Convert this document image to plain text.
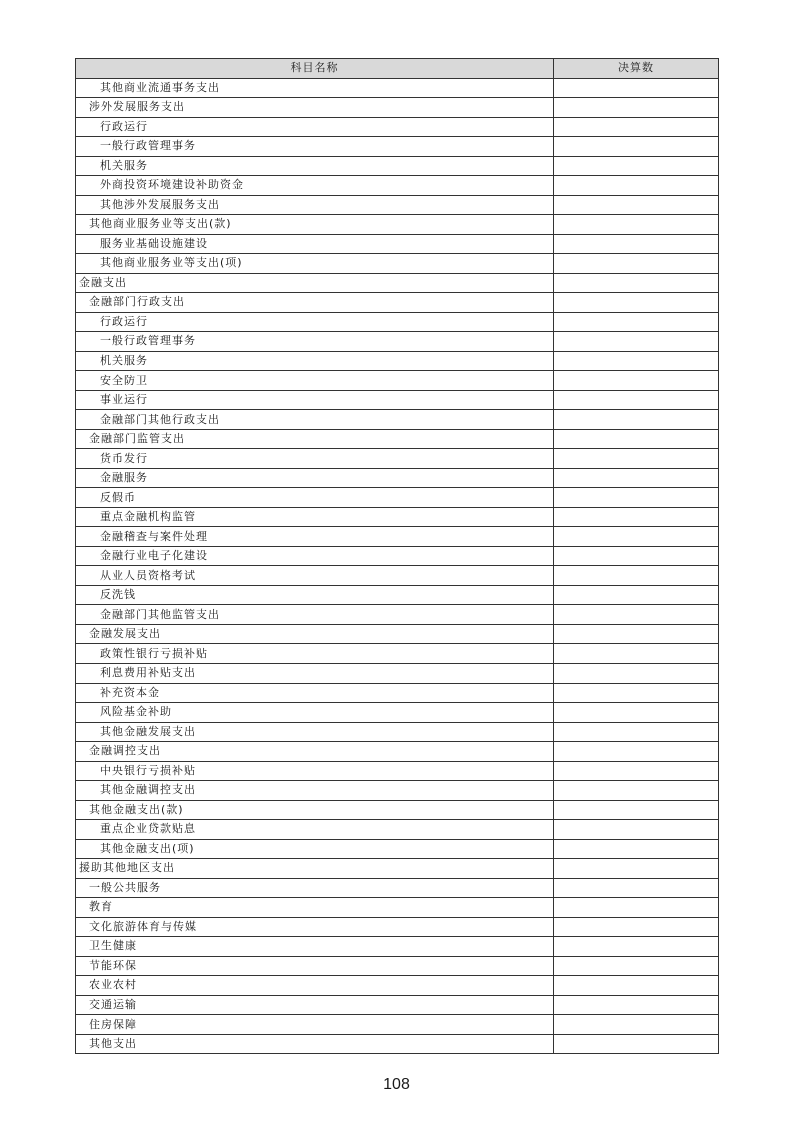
科目名称	决算数
其他商业流通事务支出	
涉外发展服务支出	
行政运行	
一般行政管理事务	
机关服务	
外商投资环境建设补助资金	
其他涉外发展服务支出	
其他商业服务业等支出(款)	
服务业基础设施建设	
其他商业服务业等支出(项)	
金融支出	
金融部门行政支出	
行政运行	
一般行政管理事务	
机关服务	
安全防卫	
事业运行	
金融部门其他行政支出	
金融部门监管支出	
货币发行	
金融服务	
反假币	
重点金融机构监管	
金融稽查与案件处理	
金融行业电子化建设	
从业人员资格考试	
反洗钱	
金融部门其他监管支出	
金融发展支出	
政策性银行亏损补贴	
利息费用补贴支出	
补充资本金	
风险基金补助	
其他金融发展支出	
金融调控支出	
中央银行亏损补贴	
其他金融调控支出	
其他金融支出(款)	
重点企业贷款贴息	
其他金融支出(项)	
援助其他地区支出	
一般公共服务	
教育	
文化旅游体育与传媒	
卫生健康	
节能环保	
农业农村	
交通运输	
住房保障	
其他支出	
108
